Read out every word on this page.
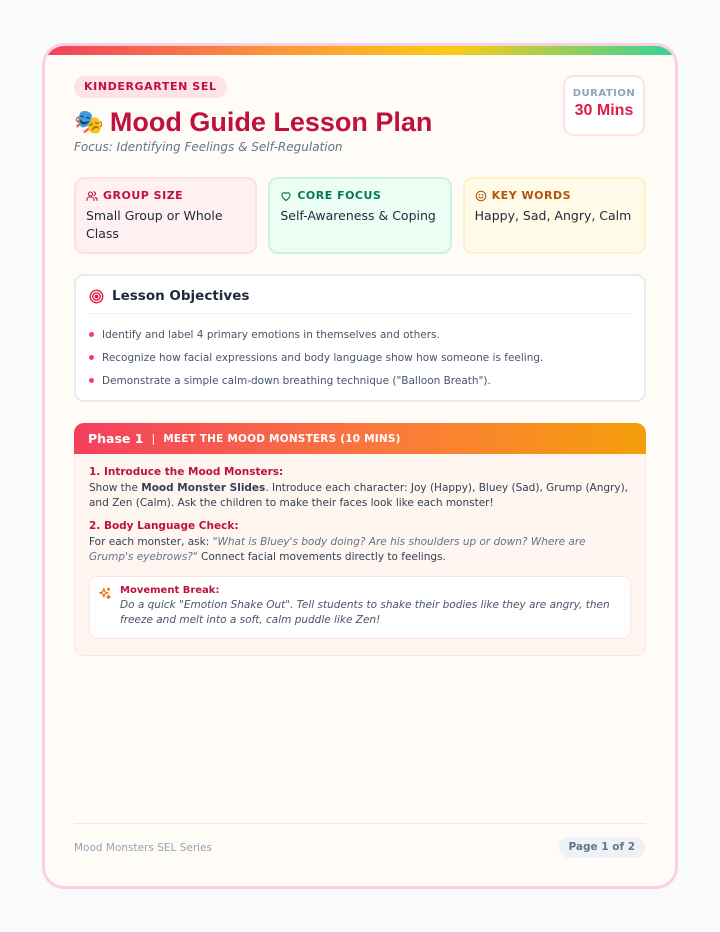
KINDERGARTEN SEL
🎭 Mood Guide Lesson Plan
Focus: Identifying Feelings & Self-Regulation
DURATION
30 Mins
GROUP SIZE
Small Group or Whole Class
CORE FOCUS
Self-Awareness & Coping
KEY WORDS
Happy, Sad, Angry, Calm
Lesson Objectives
Identify and label 4 primary emotions in themselves and others.
Recognize how facial expressions and body language show how someone is feeling.
Demonstrate a simple calm-down breathing technique ("Balloon Breath").
Phase 1 | MEET THE MOOD MONSTERS (10 MINS)
1. Introduce the Mood Monsters:
Show the Mood Monster Slides. Introduce each character: Joy (Happy), Bluey (Sad), Grump (Angry), and Zen (Calm). Ask the children to make their faces look like each monster!
2. Body Language Check:
For each monster, ask: "What is Bluey's body doing? Are his shoulders up or down? Where are Grump's eyebrows?" Connect facial movements directly to feelings.
Movement Break:
Do a quick "Emotion Shake Out". Tell students to shake their bodies like they are angry, then freeze and melt into a soft, calm puddle like Zen!
Mood Monsters SEL Series	Page 1 of 2
